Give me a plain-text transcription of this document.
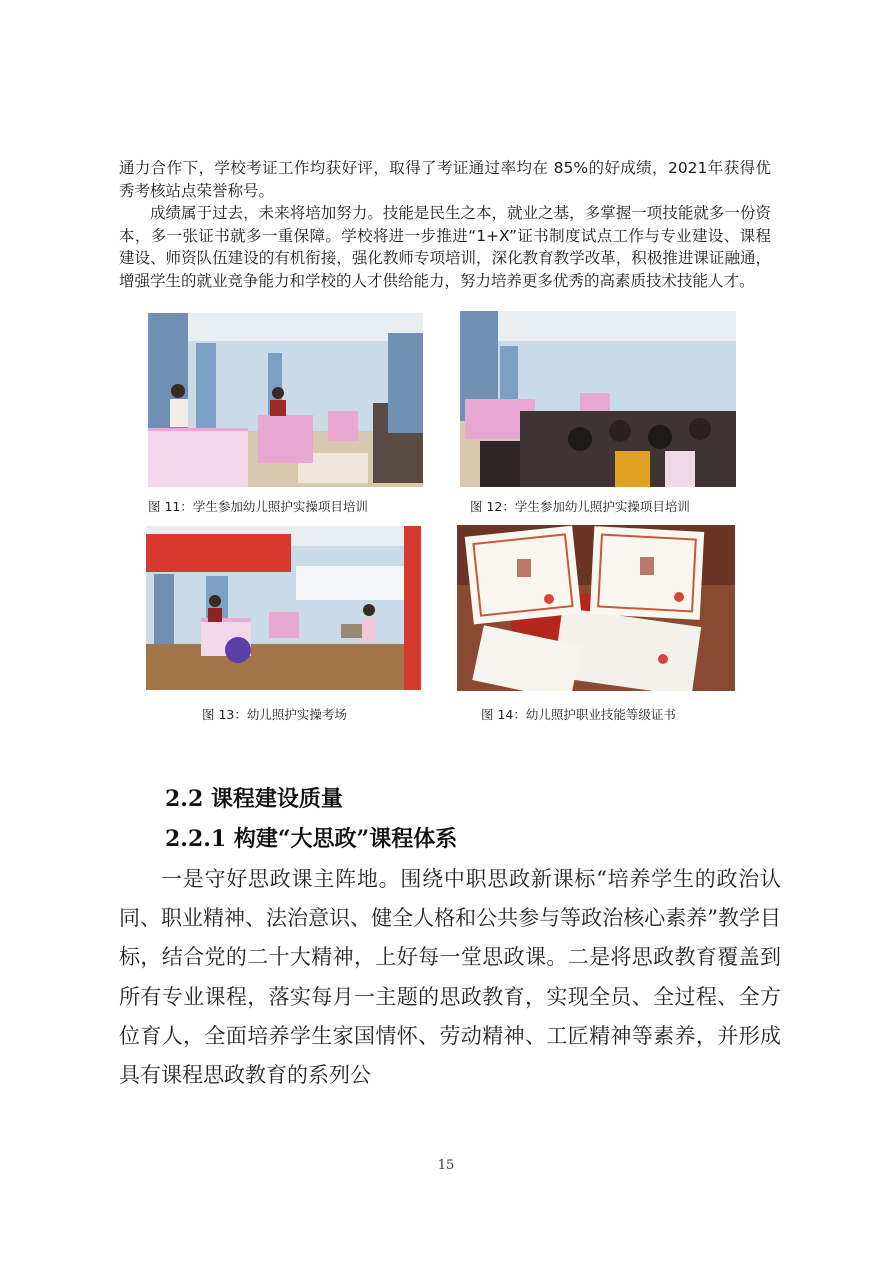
通力合作下，学校考证工作均获好评，取得了考证通过率均在 85%的好成绩，2021年获得优秀考核站点荣誉称号。

成绩属于过去，未来将培加努力。技能是民生之本，就业之基，多掌握一项技能就多一份资本，多一张证书就多一重保障。学校将进一步推进“1+X”证书制度试点工作与专业建设、课程建设、师资队伍建设的有机衔接，强化教师专项培训，深化教育教学改革，积极推进课证融通，增强学生的就业竞争能力和学校的人才供给能力，努力培养更多优秀的高素质技术技能人才。

图 11：学生参加幼儿照护实操项目培训	图 12：学生参加幼儿照护实操项目培训
图 13：幼儿照护实操考场	图 14：幼儿照护职业技能等级证书
2.2 课程建设质量
2.2.1 构建“大思政”课程体系

一是守好思政课主阵地。围绕中职思政新课标“培养学生的政治认同、职业精神、法治意识、健全人格和公共参与等政治核心素养”教学目标，结合党的二十大精神，上好每一堂思政课。二是将思政教育覆盖到所有专业课程，落实每月一主题的思政教育，实现全员、全过程、全方位育人，全面培养学生家国情怀、劳动精神、工匠精神等素养，并形成具有课程思政教育的系列公

15
